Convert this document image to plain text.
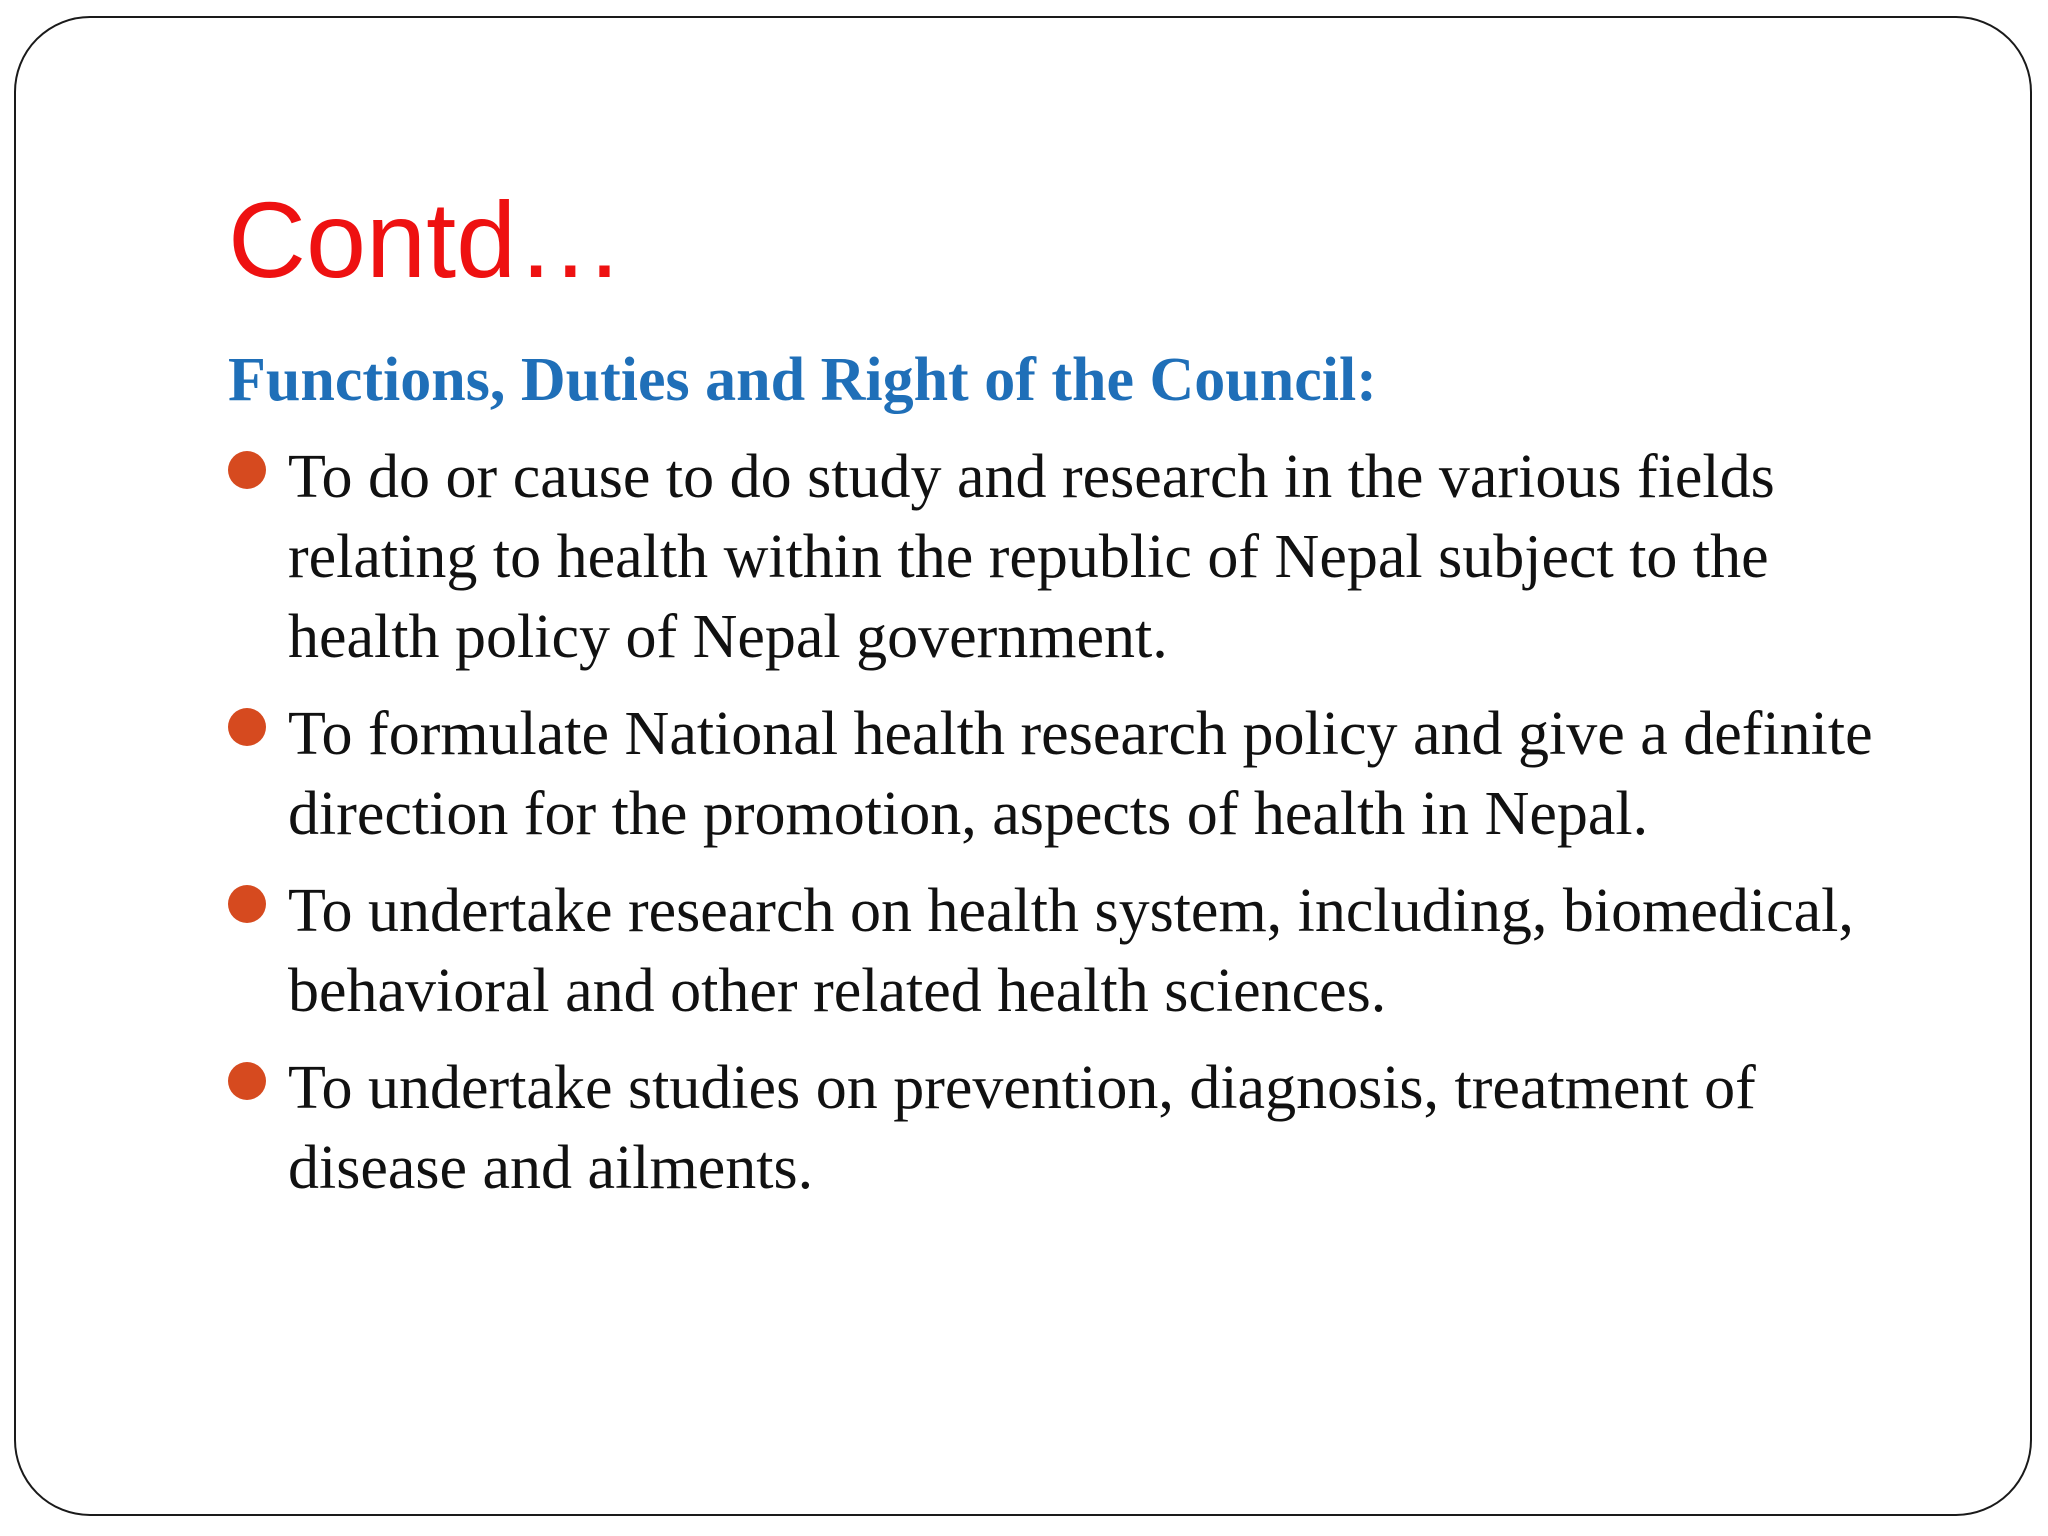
Contd…
Functions, Duties and Right of the Council:
To do or cause to do study and research in the various fields relating to health within the republic of Nepal subject to the health policy of Nepal government.
To formulate National health research policy and give a definite direction for the promotion, aspects of health in Nepal.
To undertake research on health system, including, biomedical, behavioral and other related health sciences.
To undertake studies on prevention, diagnosis, treatment of disease and ailments.
